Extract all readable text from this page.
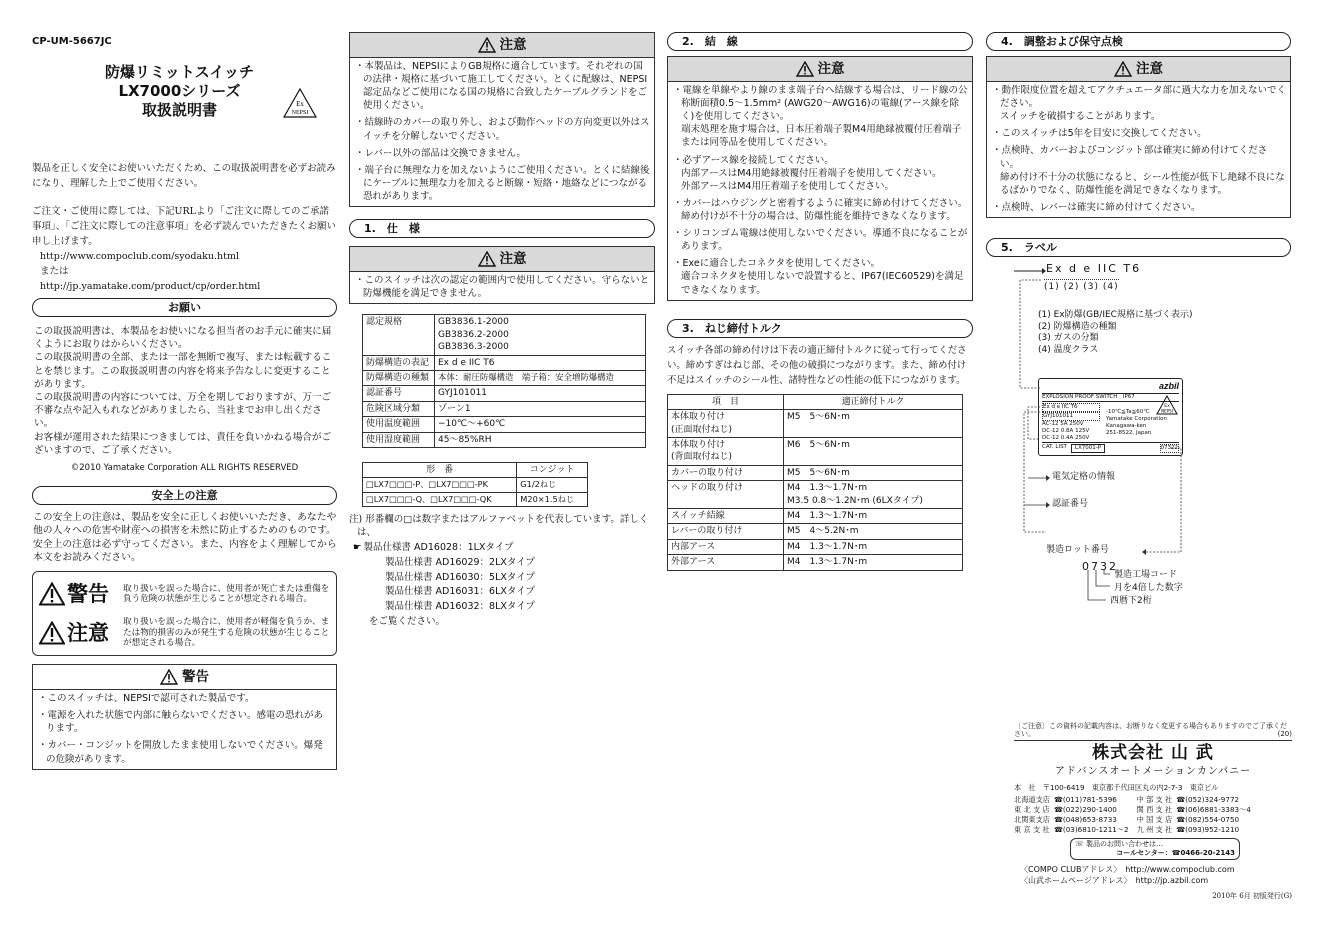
CP-UM-5667JC
防爆リミットスイッチ
LX7000シリーズ
取扱説明書	Ex
NEPSI

製品を正しく安全にお使いいただくため、この取扱説明書を必ずお読みになり、理解した上でご使用ください。

ご注文・ご使用に際しては、下記URLより「ご注文に際してのご承諾事項」、「ご注文に際しての注意事項」を必ず読んでいただきたくお願い申し上げます。

http://www.compoclub.com/syodaku.html
または
http://jp.yamatake.com/product/cp/order.html
お願い
この取扱説明書は、本製品をお使いになる担当者のお手元に確実に届くようにお取りはからいください。
この取扱説明書の全部、または一部を無断で複写、または転載することを禁じます。この取扱説明書の内容を将来予告なしに変更することがあります。
この取扱説明書の内容については、万全を期しておりますが、万一ご不審な点や記入もれなどがありましたら、当社までお申し出ください。
お客様が運用された結果につきましては、責任を負いかねる場合がございますので、ご了承ください。
©2010 Yamatake Corporation ALL RIGHTS RESERVED
安全上の注意
この安全上の注意は、製品を安全に正しくお使いいただき、あなたや他の人々への危害や財産への損害を未然に防止するためのものです。安全上の注意は必ず守ってください。また、内容をよく理解してから本文をお読みください。
警告 取り扱いを誤った場合に、使用者が死亡または重傷を負う危険の状態が生じることが想定される場合。
注意 取り扱いを誤った場合に、使用者が軽傷を負うか、または物的損害のみが発生する危険の状態が生じることが想定される場合。
警告
・このスイッチは、NEPSIで認可された製品です。
・電源を入れた状態で内部に触らないでください。感電の恐れがあります。
・カバー・コンジットを開放したまま使用しないでください。爆発の危険があります。
注意
・本製品は、NEPSIによりGB規格に適合しています。それぞれの国の法律・規格に基づいて施工してください。とくに配線は、NEPSI認定品などご使用になる国の規格に合致したケーブルグランドをご使用ください。
・結線時のカバーの取り外し、および動作ヘッドの方向変更以外はスイッチを分解しないでください。
・レバー以外の部品は交換できません。
・端子台に無理な力を加えないようにご使用ください。とくに結線後にケーブルに無理な力を加えると断線・短絡・地絡などにつながる恐れがあります。
1.　仕　様
注意
・このスイッチは次の認定の範囲内で使用してください。守らないと防爆機能を満足できません。
認定規格	GB3836.1-2000
GB3836.2-2000
GB3836.3-2000
防爆構造の表記	Ex d e IIC T6
防爆構造の種類	本体：耐圧防爆構造　端子箱：安全増防爆構造
認証番号	GYJ101011
危険区域分類	ゾーン1
使用温度範囲	−10℃〜+60℃
使用湿度範囲	45〜85%RH
形　番	コンジット
□LX7□□□-P、□LX7□□□-PK	G1/2ねじ
□LX7□□□-Q、□LX7□□□-QK	M20×1.5ねじ
注) 形番欄の□は数字またはアルファベットを代表しています。詳しくは、
☛ 製品仕様書 AD16028：1LXタイプ
製品仕様書 AD16029：2LXタイプ
製品仕様書 AD16030：5LXタイプ
製品仕様書 AD16031：6LXタイプ
製品仕様書 AD16032：8LXタイプ
をご覧ください。
2.　結　線
注意
・電線を単線やより線のまま端子台へ結線する場合は、リード線の公称断面積0.5〜1.5mm² (AWG20〜AWG16)の電線(アース線を除く)を使用してください。
端末処理を施す場合は、日本圧着端子製M4用絶縁被覆付圧着端子または同等品を使用してください。
・必ずアース線を接続してください。
内部アースはM4用絶縁被覆付圧着端子を使用してください。
外部アースはM4用圧着端子を使用してください。
・カバーはハウジングと密着するように確実に締め付けてください。締め付けが不十分の場合は、防爆性能を維持できなくなります。
・シリコンゴム電線は使用しないでください。導通不良になることがあります。
・Exeに適合したコネクタを使用してください。
適合コネクタを使用しないで設置すると、IP67(IEC60529)を満足できなくなります。
3.　ねじ締付トルク
スイッチ各部の締め付けは下表の適正締付トルクに従って行ってください。締めすぎはねじ部、その他の破損につながります。また、締め付け不足はスイッチのシール性、諸特性などの性能の低下につながります。
項　目	適正締付トルク
本体取り付け
(正面取付ねじ)	M5　5〜6N･m
本体取り付け
(背面取付ねじ)	M6　5〜6N･m
カバーの取り付け	M5　5〜6N･m
ヘッドの取り付け	M4　1.3〜1.7N･m
M3.5 0.8〜1.2N･m (6LXタイプ)
スイッチ結線	M4　1.3〜1.7N･m
レバーの取り付け	M5　4〜5.2N･m
内部アース	M4　1.3〜1.7N･m
外部アース	M4　1.3〜1.7N･m
4.　調整および保守点検
注意
・動作限度位置を超えてアクチュエータ部に過大な力を加えないでください。
スイッチを破損することがあります。
・このスイッチは5年を目安に交換してください。
・点検時、カバーおよびコンジット部は確実に締め付けてください。
締め付け不十分の状態になると、シール性能が低下し絶縁不良になるばかりでなく、防爆性能を満足できなくなります。
・点検時、レバーは確実に締め付けてください。
5.　ラベル
Ex d e IIC T6
(1) (2) (3) (4)
(1) Ex防爆(GB/IEC規格に基づく表示)
(2) 防爆構造の種類
(3) ガスの分類
(4) 温度クラス
azbil
EXPLOSION PROOF SWITCH　IP67
Ex d e IIC T6
GYJ101011
AC-12 5A 250V
DC-12 0.8A 125V
DC-12 0.4A 250V
-10℃≦Ta≦60℃
Yamatake Corporation
Kanagawa-ken
251-8522, Japan
Ex
NEPSI
CAT. LIST	LX7001-P	07322
電気定格の情報
認証番号
製造ロット番号
0732
製造工場コード
月を4倍した数字
西暦下2桁
〔ご注意〕この資料の記載内容は、お断りなく変更する場合もありますのでご了承ください。	(20)
株式会社 山 武
アドバンスオートメーションカンパニー
本　社　〒100-6419　東京都千代田区丸の内2-7-3　東京ビル
北海道支店	☎(011)781-5396	中 部 支 社	☎(052)324-9772
東 北 支 店	☎(022)290-1400	関 西 支 社	☎(06)6881-3383〜4
北関東支店	☎(048)653-8733	中 国 支 店	☎(082)554-0750
東 京 支 社	☎(03)6810-1211〜2	九 州 支 社	☎(093)952-1210
☏ 製品のお問い合わせは…
コールセンター：☎0466-20-2143
〈COMPO CLUBアドレス〉　 http://www.compoclub.com
〈山武ホームページアドレス〉　 http://jp.azbil.com
2010年 6月 初版発行(G)
